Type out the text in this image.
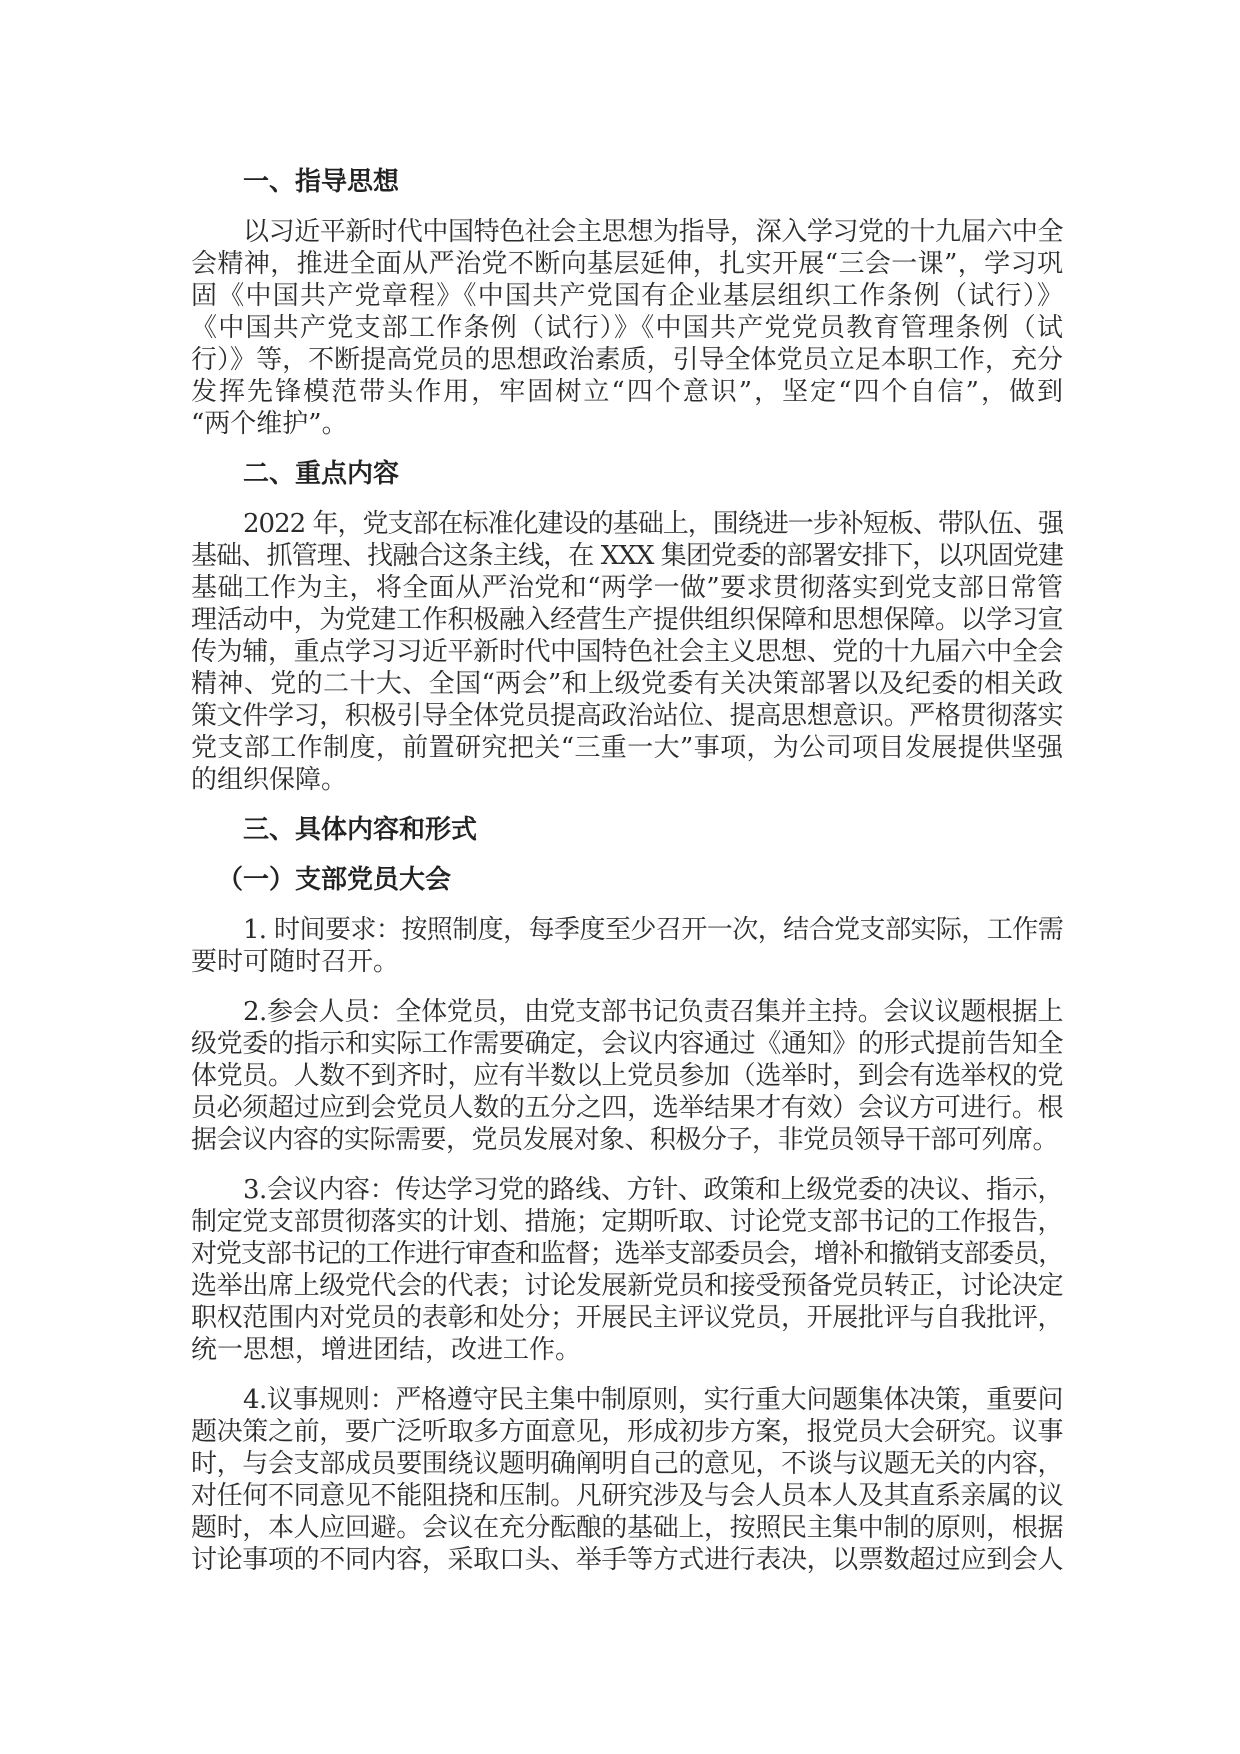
一、指导思想
以习近平新时代中国特色社会主思想为指导，深入学习党的十九届六中全
会精神，推进全面从严治党不断向基层延伸，扎实开展“三会一课”，学习巩
固《中国共产党章程》《中国共产党国有企业基层组织工作条例（试行）》
《中国共产党支部工作条例（试行）》《中国共产党党员教育管理条例（试
行）》等，不断提高党员的思想政治素质，引导全体党员立足本职工作，充分
发挥先锋模范带头作用，牢固树立“四个意识”，坚定“四个自信”，做到
“两个维护”。
二、重点内容
2022 年，党支部在标准化建设的基础上，围绕进一步补短板、带队伍、强
基础、抓管理、找融合这条主线，在 XXX 集团党委的部署安排下，以巩固党建
基础工作为主，将全面从严治党和“两学一做”要求贯彻落实到党支部日常管
理活动中，为党建工作积极融入经营生产提供组织保障和思想保障。以学习宣
传为辅，重点学习习近平新时代中国特色社会主义思想、党的十九届六中全会
精神、党的二十大、全国“两会”和上级党委有关决策部署以及纪委的相关政
策文件学习，积极引导全体党员提高政治站位、提高思想意识。严格贯彻落实
党支部工作制度，前置研究把关“三重一大”事项，为公司项目发展提供坚强
的组织保障。
三、具体内容和形式
（一）支部党员大会
1. 时间要求：按照制度，每季度至少召开一次，结合党支部实际，工作需
要时可随时召开。
2.参会人员：全体党员，由党支部书记负责召集并主持。会议议题根据上
级党委的指示和实际工作需要确定，会议内容通过《通知》的形式提前告知全
体党员。人数不到齐时，应有半数以上党员参加（选举时，到会有选举权的党
员必须超过应到会党员人数的五分之四，选举结果才有效）会议方可进行。根
据会议内容的实际需要，党员发展对象、积极分子，非党员领导干部可列席。
3.会议内容：传达学习党的路线、方针、政策和上级党委的决议、指示，
制定党支部贯彻落实的计划、措施；定期听取、讨论党支部书记的工作报告，
对党支部书记的工作进行审查和监督；选举支部委员会，增补和撤销支部委员，
选举出席上级党代会的代表；讨论发展新党员和接受预备党员转正，讨论决定
职权范围内对党员的表彰和处分；开展民主评议党员，开展批评与自我批评，
统一思想，增进团结，改进工作。
4.议事规则：严格遵守民主集中制原则，实行重大问题集体决策，重要问
题决策之前，要广泛听取多方面意见，形成初步方案，报党员大会研究。议事
时，与会支部成员要围绕议题明确阐明自己的意见，不谈与议题无关的内容，
对任何不同意见不能阻挠和压制。凡研究涉及与会人员本人及其直系亲属的议
题时，本人应回避。会议在充分酝酿的基础上，按照民主集中制的原则，根据
讨论事项的不同内容，采取口头、举手等方式进行表决，以票数超过应到会人
